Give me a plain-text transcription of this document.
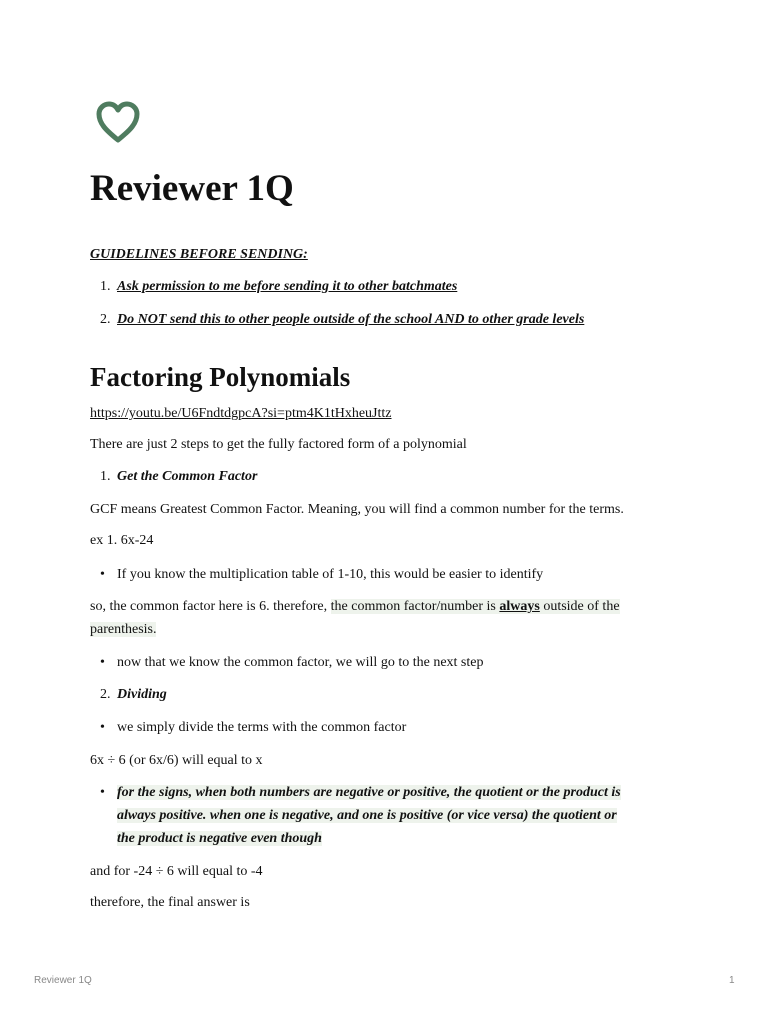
Reviewer 1Q
GUIDELINES BEFORE SENDING:
1. Ask permission to me before sending it to other batchmates
2. Do NOT send this to other people outside of the school AND to other grade levels
Factoring Polynomials
https://youtu.be/U6FndtdgpcA?si=ptm4K1tHxheuJttz
There are just 2 steps to get the fully factored form of a polynomial
1. Get the Common Factor
GCF means Greatest Common Factor. Meaning, you will find a common number for the terms.
ex 1. 6x-24
• If you know the multiplication table of 1-10, this would be easier to identify
so, the common factor here is 6. therefore, the common factor/number is always outside of the
parenthesis.
• now that we know the common factor, we will go to the next step
2. Dividing
• we simply divide the terms with the common factor
6x ÷ 6 (or 6x/6) will equal to x
• for the signs, when both numbers are negative or positive, the quotient or the product is
always positive. when one is negative, and one is positive (or vice versa) the quotient or
the product is negative even though
and for -24 ÷ 6 will equal to -4
therefore, the final answer is
Reviewer 1Q	1
